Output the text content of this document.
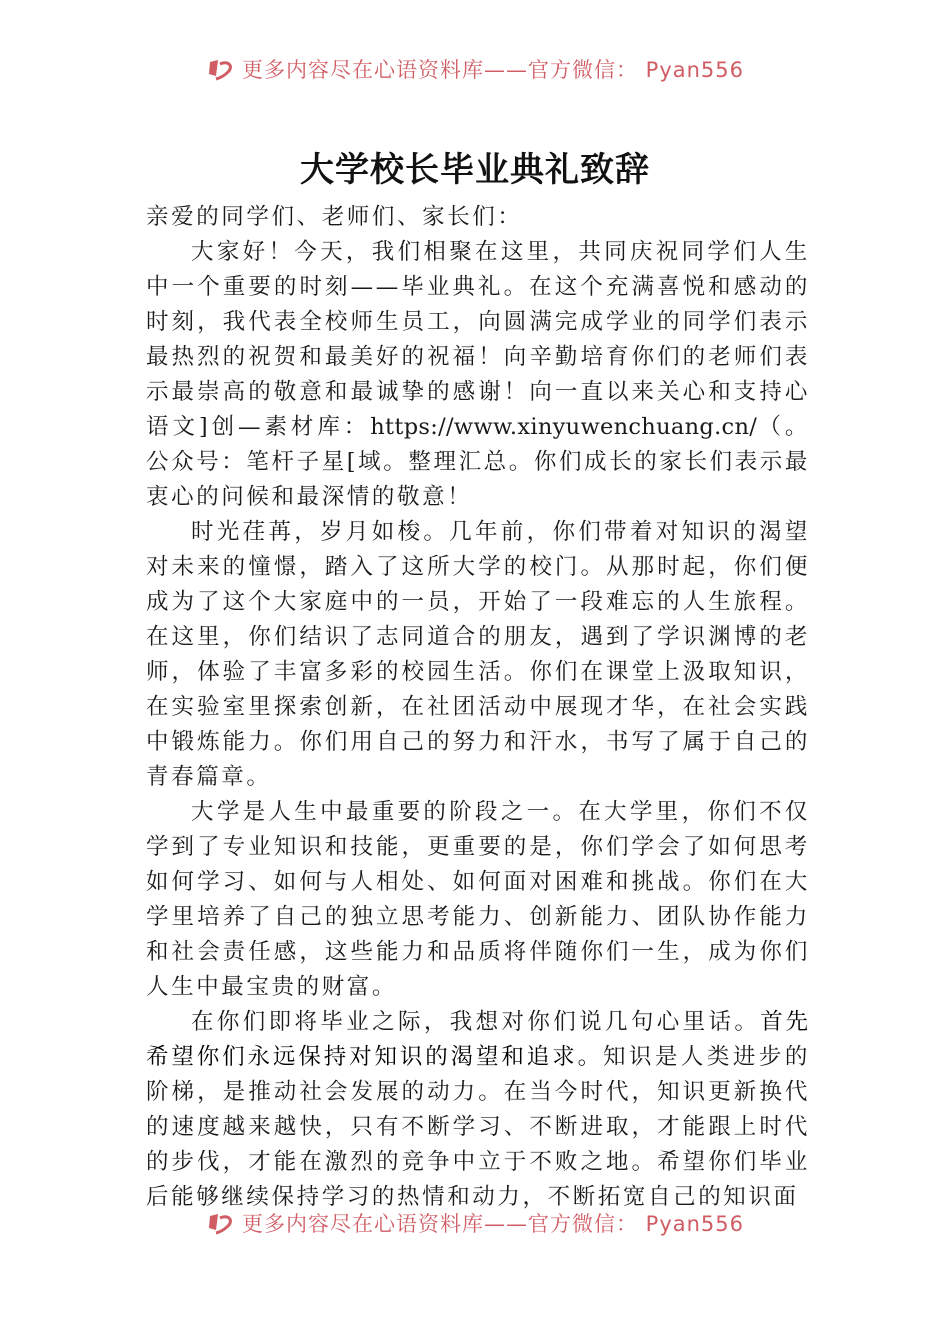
更多内容尽在心语资料库——官方微信： Pyan556
大学校长毕业典礼致辞

亲爱的同学们、老师们、家长们：

大家好！今天，我们相聚在这里，共同庆祝同学们人生中一个重要的时刻——毕业典礼。在这个充满喜悦和感动的时刻，我代表全校师生员工，向圆满完成学业的同学们表示最热烈的祝贺和最美好的祝福！向辛勤培育你们的老师们表示最崇高的敬意和最诚挚的感谢！向一直以来关心和支持心语文]创—素材库：https://www.xinyuwenchuang.cn/（。公众号：笔杆子星[域。整理汇总。你们成长的家长们表示最衷心的问候和最深情的敬意！

时光荏苒，岁月如梭。几年前，你们带着对知识的渴望对未来的憧憬，踏入了这所大学的校门。从那时起，你们便成为了这个大家庭中的一员，开始了一段难忘的人生旅程。在这里，你们结识了志同道合的朋友，遇到了学识渊博的老师，体验了丰富多彩的校园生活。你们在课堂上汲取知识，在实验室里探索创新，在社团活动中展现才华，在社会实践中锻炼能力。你们用自己的努力和汗水，书写了属于自己的青春篇章。

大学是人生中最重要的阶段之一。在大学里，你们不仅学到了专业知识和技能，更重要的是，你们学会了如何思考如何学习、如何与人相处、如何面对困难和挑战。你们在大学里培养了自己的独立思考能力、创新能力、团队协作能力和社会责任感，这些能力和品质将伴随你们一生，成为你们人生中最宝贵的财富。

在你们即将毕业之际，我想对你们说几句心里话。首先希望你们永远保持对知识的渴望和追求。知识是人类进步的阶梯，是推动社会发展的动力。在当今时代，知识更新换代的速度越来越快，只有不断学习、不断进取，才能跟上时代的步伐，才能在激烈的竞争中立于不败之地。希望你们毕业后能够继续保持学习的热情和动力，不断拓宽自己的知识面

更多内容尽在心语资料库——官方微信： Pyan556
